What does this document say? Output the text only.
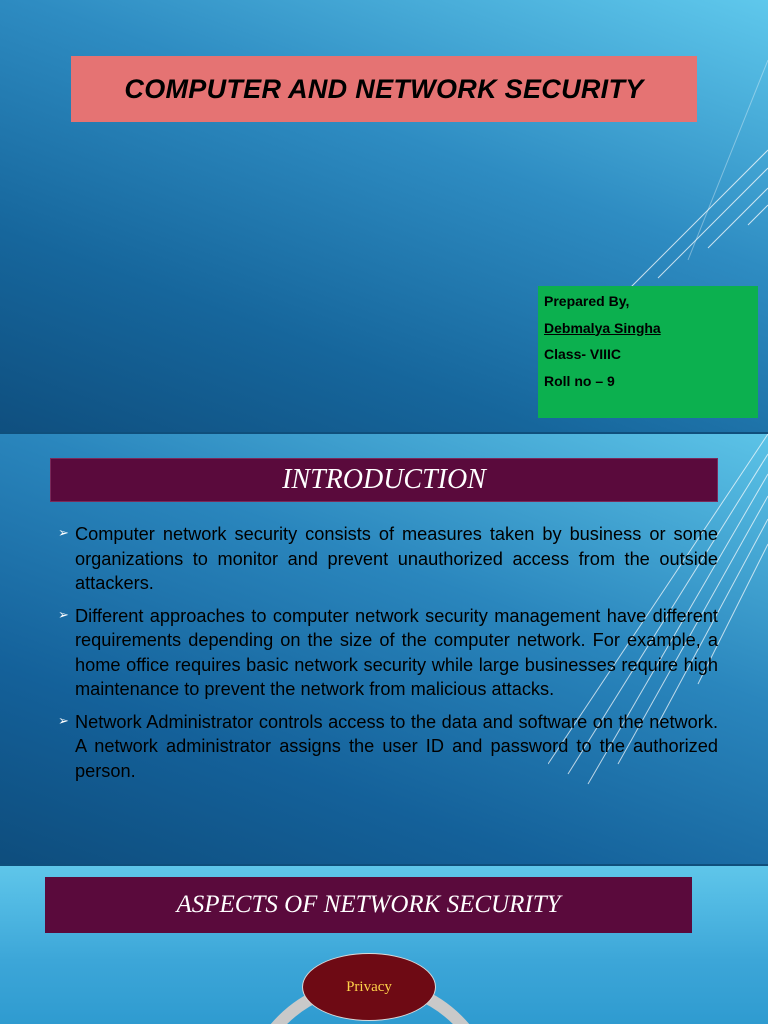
COMPUTER AND NETWORK SECURITY
Prepared By,
Debmalya Singha
Class- VIIIC
Roll no – 9
INTRODUCTION
➢ Computer network security consists of measures taken by business or some organizations to monitor and prevent unauthorized access from the outside attackers.
➢ Different approaches to computer network security management have different requirements depending on the size of the computer network. For example, a home office requires basic network security while large businesses require high maintenance to prevent the network from malicious attacks.
➢ Network Administrator controls access to the data and software on the network. A network administrator assigns the user ID and password to the authorized person.
ASPECTS OF NETWORK SECURITY
Privacy
